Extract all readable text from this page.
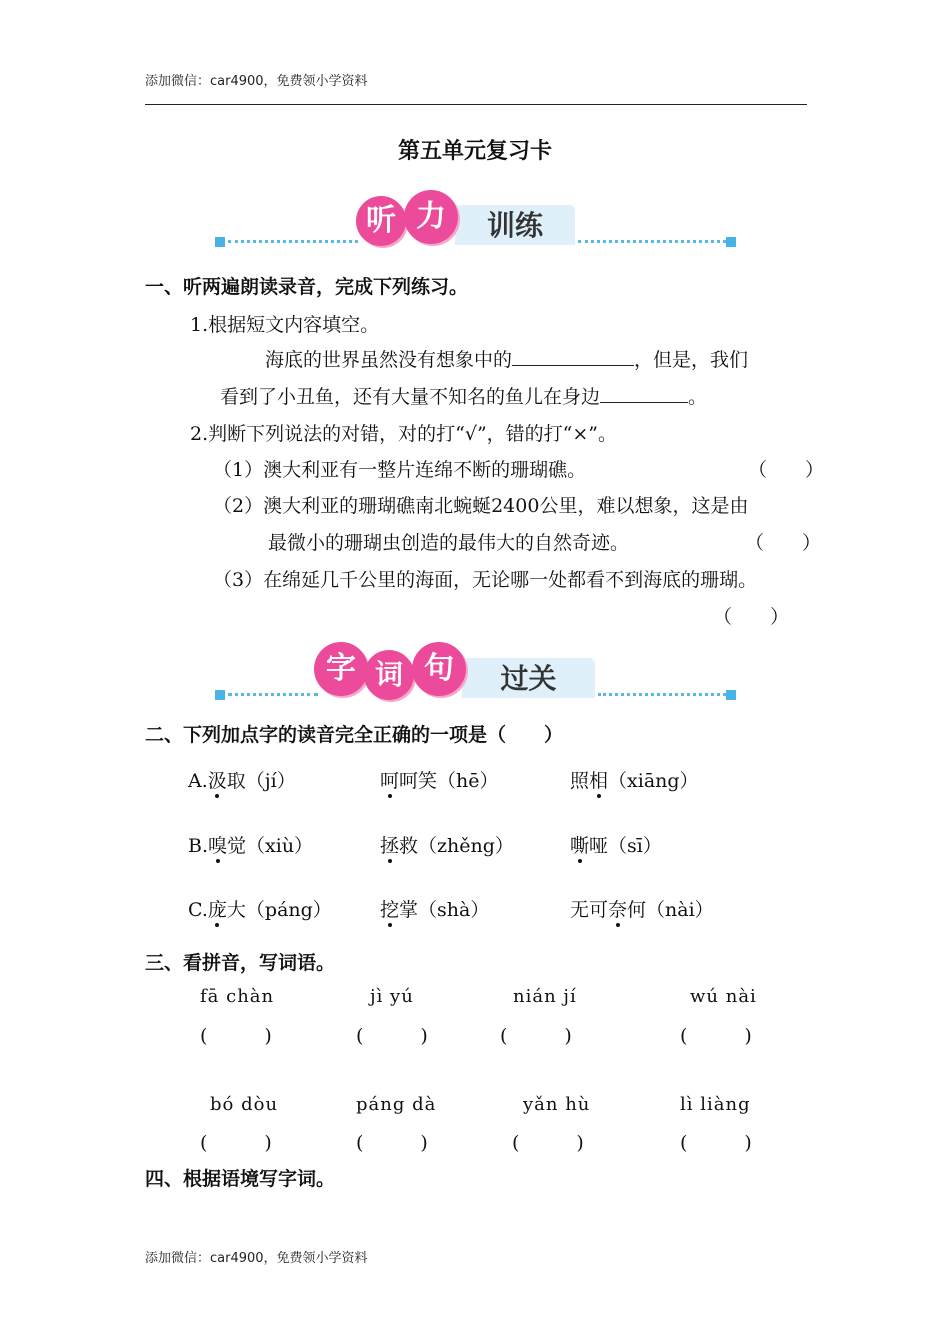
添加微信：car4900，免费领小学资料
第五单元复习卡
训练
听 力
一、听两遍朗读录音，完成下列练习。
1.根据短文内容填空。
海底的世界虽然没有想象中的	，但是，我们
看到了小丑鱼，还有大量不知名的鱼儿在身边	。
2.判断下列说法的对错，对的打“√”，错的打“×”。
（1）澳大利亚有一整片连绵不断的珊瑚礁。	（　　）
（2）澳大利亚的珊瑚礁南北蜿蜒2400公里，难以想象，这是由
最微小的珊瑚虫创造的最伟大的自然奇迹。	（　　）
（3）在绵延几千公里的海面，无论哪一处都看不到海底的珊瑚。
（　　）
过关
字 词 句
二、下列加点字的读音完全正确的一项是（　　）
A.汲取（jí）	呵呵笑（hē）	照相（xiāng）
B.嗅觉（xiù）	拯救（zhěng）	嘶哑（sī）
C.庞大（páng）	挖掌（shà）	无可奈何（nài）
三、看拼音，写词语。
fā chàn	jì yú	nián jí	wú nài
(　　　)	(　　　)	(　　　)	(　　　)
bó dòu	páng dà	yǎn hù	lì liàng
(　　　)	(　　　)	(　　　)	(　　　)
四、根据语境写字词。
添加微信：car4900，免费领小学资料
